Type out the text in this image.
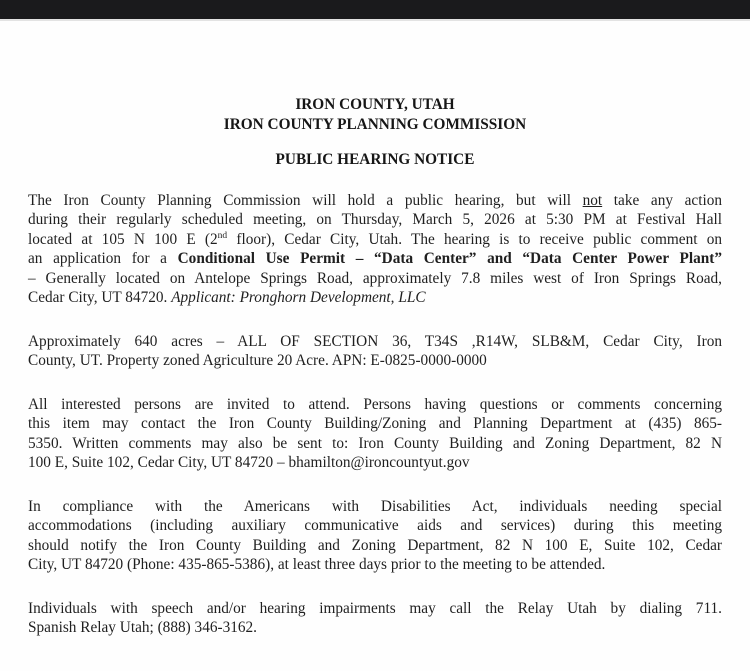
IRON COUNTY, UTAH
IRON COUNTY PLANNING COMMISSION
PUBLIC HEARING NOTICE
The Iron County Planning Commission will hold a public hearing, but will not take any action
during their regularly scheduled meeting, on Thursday, March 5, 2026 at 5:30 PM at Festival Hall
located at 105 N 100 E (2nd floor), Cedar City, Utah. The hearing is to receive public comment on
an application for a Conditional Use Permit – “Data Center” and “Data Center Power Plant”
– Generally located on Antelope Springs Road, approximately 7.8 miles west of Iron Springs Road,
Cedar City, UT 84720. Applicant: Pronghorn Development, LLC
Approximately 640 acres – ALL OF SECTION 36, T34S ,R14W, SLB&M, Cedar City, Iron
County, UT. Property zoned Agriculture 20 Acre. APN: E-0825-0000-0000
All interested persons are invited to attend. Persons having questions or comments concerning
this item may contact the Iron County Building/Zoning and Planning Department at (435) 865-
5350. Written comments may also be sent to: Iron County Building and Zoning Department, 82 N
100 E, Suite 102, Cedar City, UT 84720 – bhamilton@ironcountyut.gov
In compliance with the Americans with Disabilities Act, individuals needing special
accommodations (including auxiliary communicative aids and services) during this meeting
should notify the Iron County Building and Zoning Department, 82 N 100 E, Suite 102, Cedar
City, UT 84720 (Phone: 435-865-5386), at least three days prior to the meeting to be attended.
Individuals with speech and/or hearing impairments may call the Relay Utah by dialing 711.
Spanish Relay Utah; (888) 346-3162.
